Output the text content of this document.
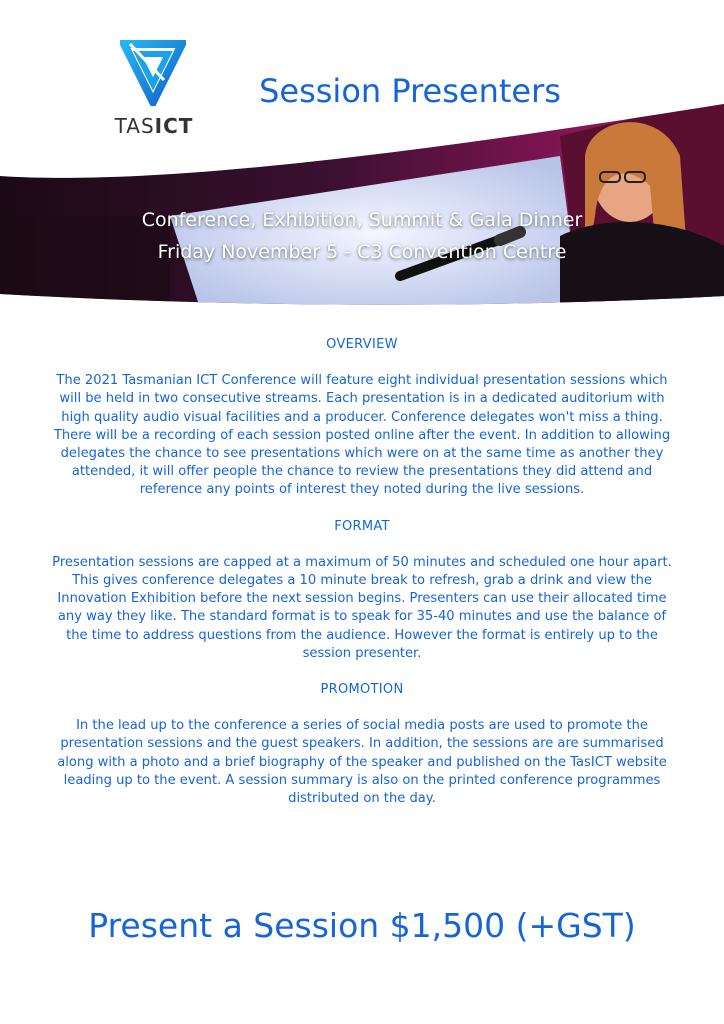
TASICT
Session Presenters
Conference, Exhibition, Summit & Gala Dinner
Friday November 5 - C3 Convention Centre
OVERVIEW

The 2021 Tasmanian ICT Conference will feature eight individual presentation sessions which will be held in two consecutive streams. Each presentation is in a dedicated auditorium with high quality audio visual facilities and a producer. Conference delegates won't miss a thing. There will be a recording of each session posted online after the event. In addition to allowing delegates the chance to see presentations which were on at the same time as another they attended, it will offer people the chance to review the presentations they did attend and reference any points of interest they noted during the live sessions.

FORMAT

Presentation sessions are capped at a maximum of 50 minutes and scheduled one hour apart. This gives conference delegates a 10 minute break to refresh, grab a drink and view the Innovation Exhibition before the next session begins. Presenters can use their allocated time any way they like. The standard format is to speak for 35-40 minutes and use the balance of the time to address questions from the audience. However the format is entirely up to the session presenter.

PROMOTION

In the lead up to the conference a series of social media posts are used to promote the presentation sessions and the guest speakers. In addition, the sessions are are summarised along with a photo and a brief biography of the speaker and published on the TasICT website leading up to the event. A session summary is also on the printed conference programmes distributed on the day.

Present a Session $1,500 (+GST)
